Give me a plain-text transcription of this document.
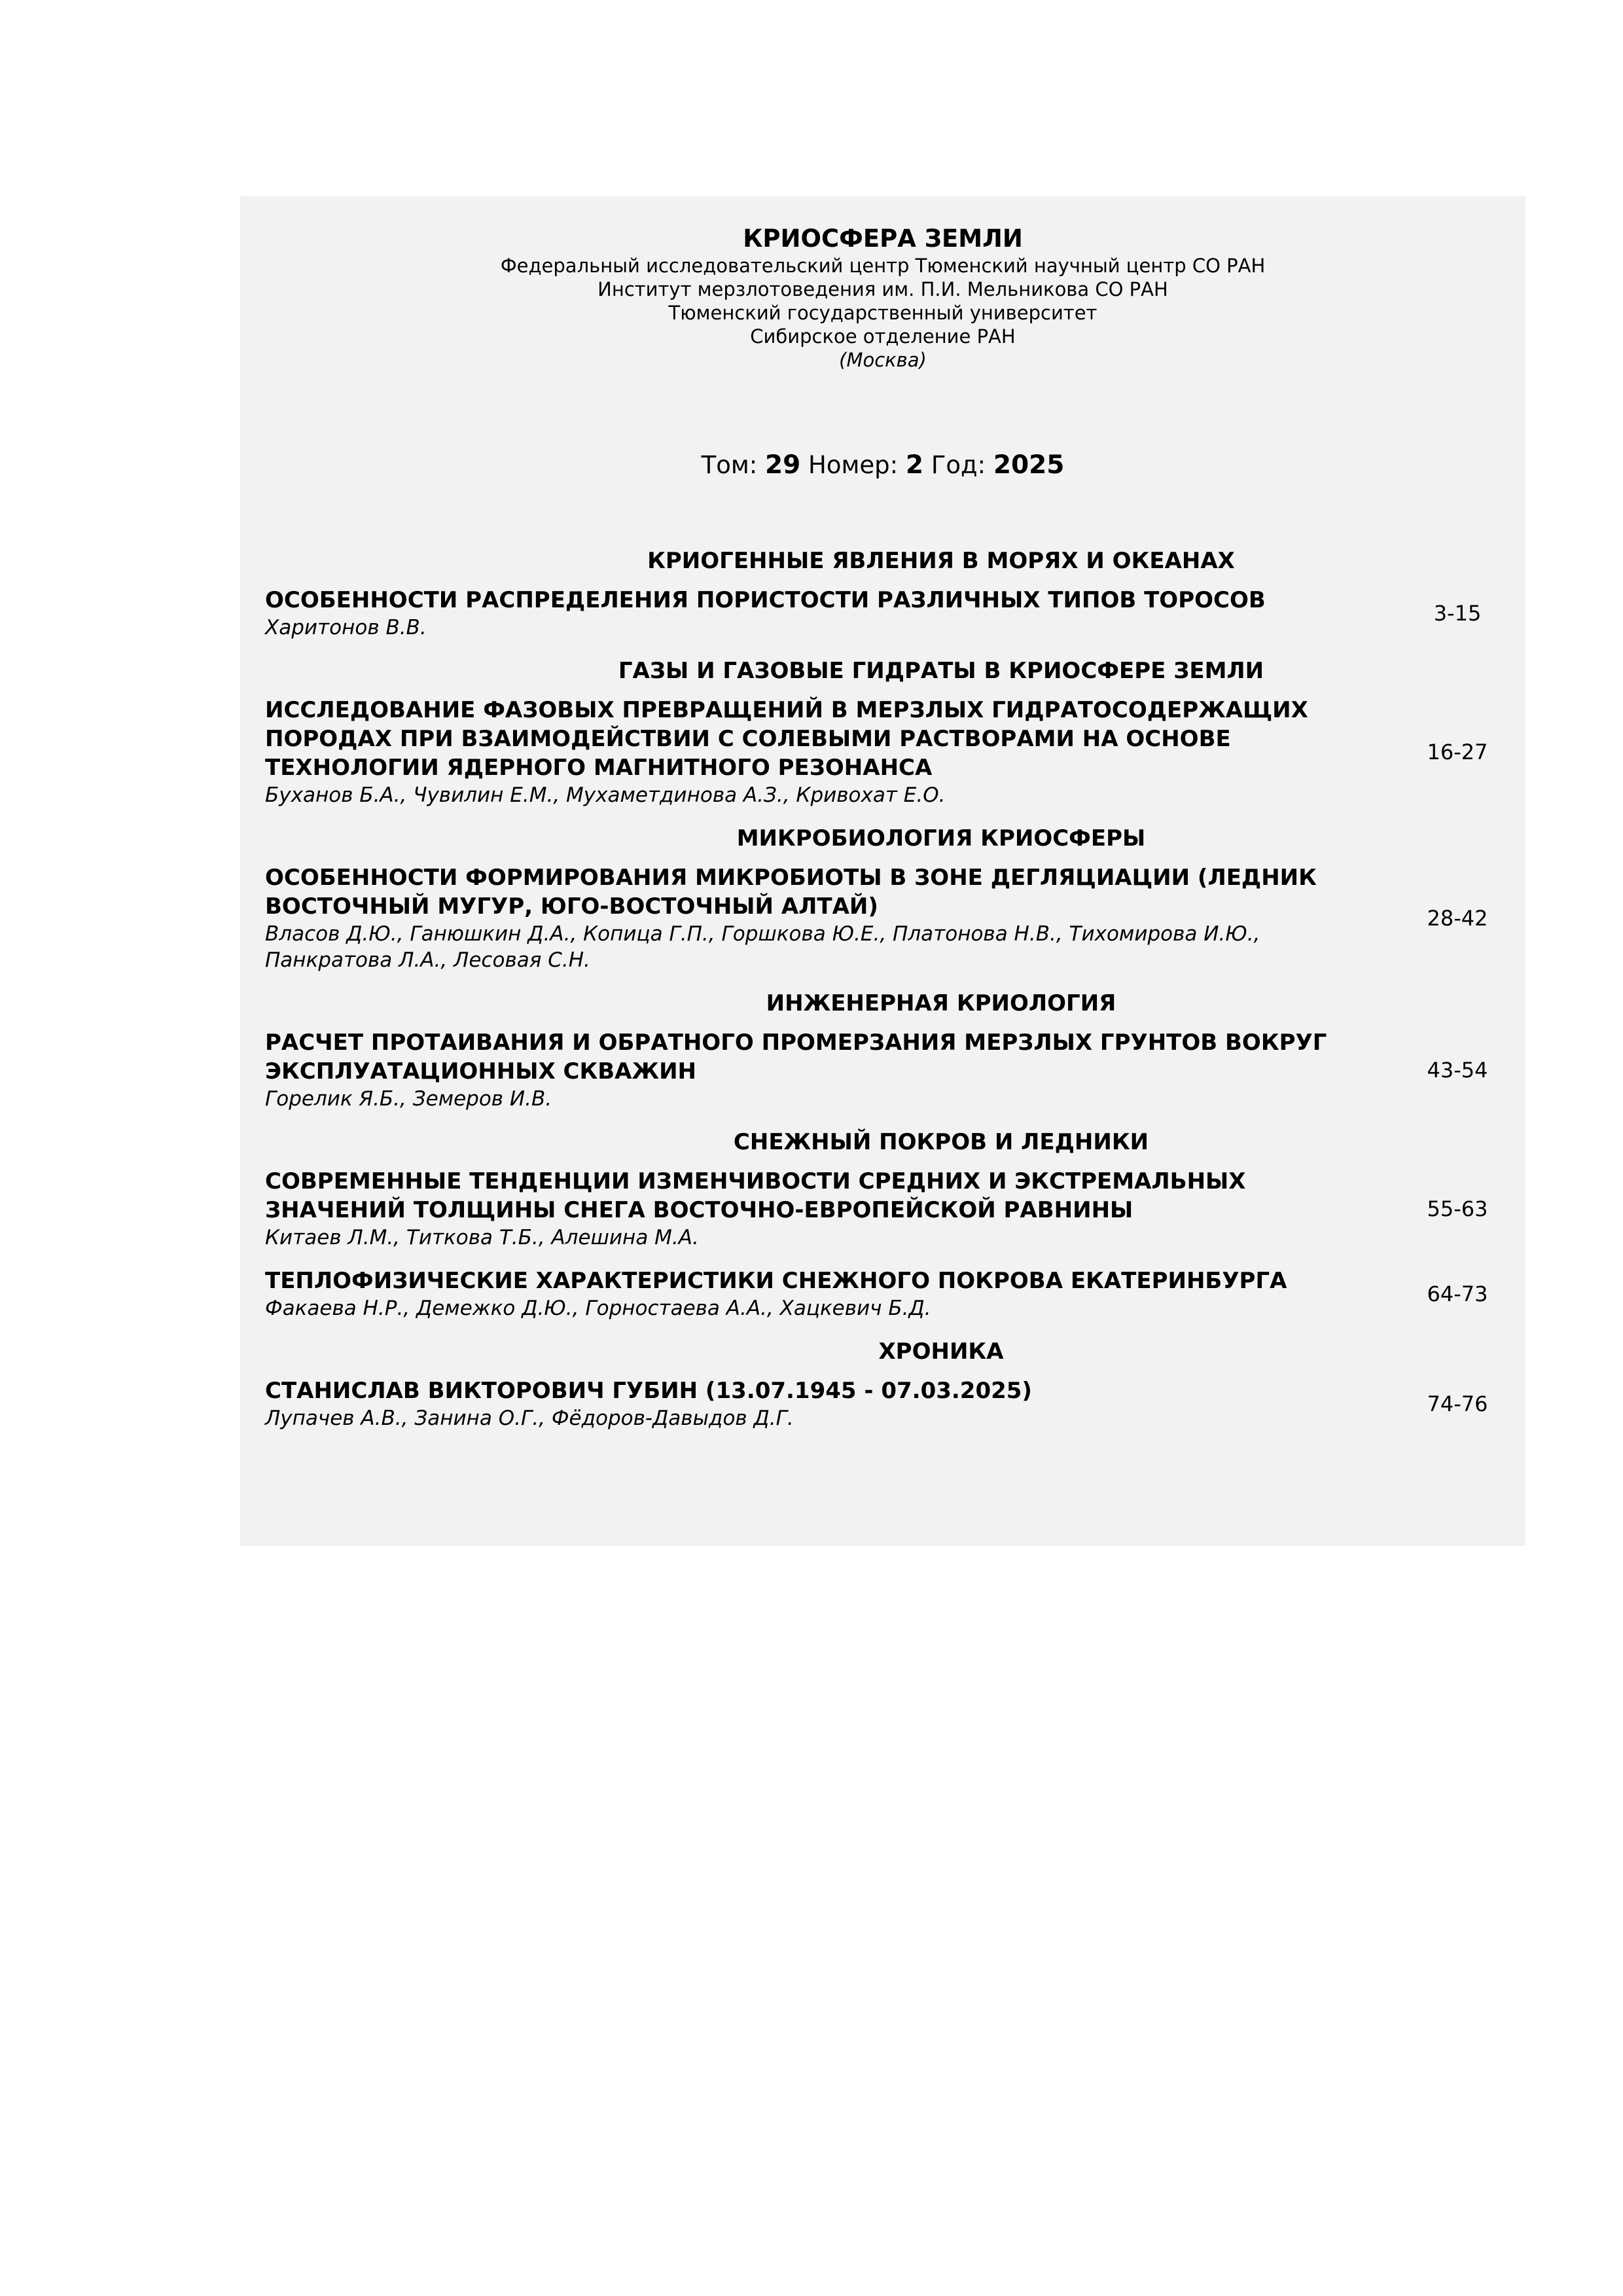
КРИОСФЕРА ЗЕМЛИ
Федеральный исследовательский центр Тюменский научный центр СО РАН
Институт мерзлотоведения им. П.И. Мельникова СО РАН
Тюменский государственный университет
Сибирское отделение РАН
(Москва)
Том: 29 Номер: 2 Год: 2025
КРИОГЕННЫЕ ЯВЛЕНИЯ В МОРЯХ И ОКЕАНАХ
ОСОБЕННОСТИ РАСПРЕДЕЛЕНИЯ ПОРИСТОСТИ РАЗЛИЧНЫХ ТИПОВ ТОРОСОВ
Харитонов В.В.
3-15
ГАЗЫ И ГАЗОВЫЕ ГИДРАТЫ В КРИОСФЕРЕ ЗЕМЛИ
ИССЛЕДОВАНИЕ ФАЗОВЫХ ПРЕВРАЩЕНИЙ В МЕРЗЛЫХ ГИДРАТОСОДЕРЖАЩИХ ПОРОДАХ ПРИ ВЗАИМОДЕЙСТВИИ С СОЛЕВЫМИ РАСТВОРАМИ НА ОСНОВЕ ТЕХНОЛОГИИ ЯДЕРНОГО МАГНИТНОГО РЕЗОНАНСА
Буханов Б.А., Чувилин Е.М., Мухаметдинова А.З., Кривохат Е.О.
16-27
МИКРОБИОЛОГИЯ КРИОСФЕРЫ
ОСОБЕННОСТИ ФОРМИРОВАНИЯ МИКРОБИОТЫ В ЗОНЕ ДЕГЛЯЦИАЦИИ (ЛЕДНИК ВОСТОЧНЫЙ МУГУР, ЮГО-ВОСТОЧНЫЙ АЛТАЙ)
Власов Д.Ю., Ганюшкин Д.А., Копица Г.П., Горшкова Ю.Е., Платонова Н.В., Тихомирова И.Ю., Панкратова Л.А., Лесовая С.Н.
28-42
ИНЖЕНЕРНАЯ КРИОЛОГИЯ
РАСЧЕТ ПРОТАИВАНИЯ И ОБРАТНОГО ПРОМЕРЗАНИЯ МЕРЗЛЫХ ГРУНТОВ ВОКРУГ ЭКСПЛУАТАЦИОННЫХ СКВАЖИН
Горелик Я.Б., Земеров И.В.
43-54
СНЕЖНЫЙ ПОКРОВ И ЛЕДНИКИ
СОВРЕМЕННЫЕ ТЕНДЕНЦИИ ИЗМЕНЧИВОСТИ СРЕДНИХ И ЭКСТРЕМАЛЬНЫХ ЗНАЧЕНИЙ ТОЛЩИНЫ СНЕГА ВОСТОЧНО-ЕВРОПЕЙСКОЙ РАВНИНЫ
Китаев Л.М., Титкова Т.Б., Алешина М.А.
55-63
ТЕПЛОФИЗИЧЕСКИЕ ХАРАКТЕРИСТИКИ СНЕЖНОГО ПОКРОВА ЕКАТЕРИНБУРГА
Факаева Н.Р., Демежко Д.Ю., Горностаева А.А., Хацкевич Б.Д.
64-73
ХРОНИКА
СТАНИСЛАВ ВИКТОРОВИЧ ГУБИН (13.07.1945 - 07.03.2025)
Лупачев А.В., Занина О.Г., Фёдоров-Давыдов Д.Г.
74-76
